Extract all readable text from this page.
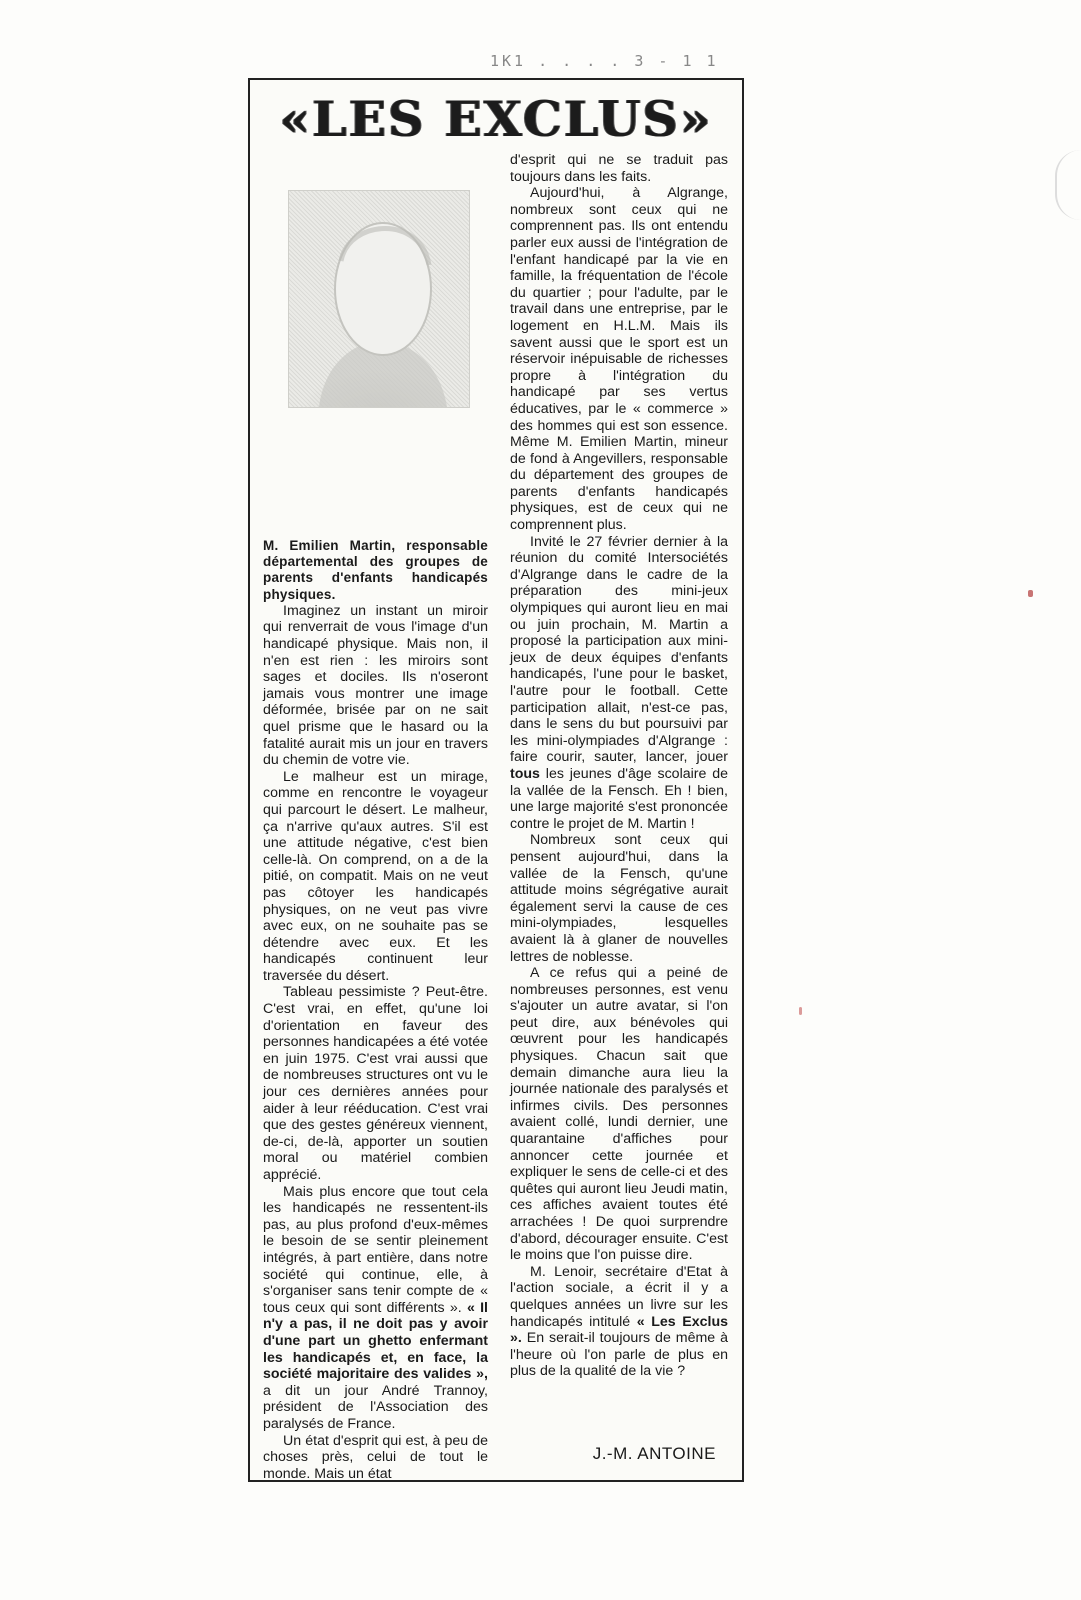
1K1 . . . . 3 - 1 1
«LES EXCLUS»

M. Emilien Martin, responsable départemental des groupes de parents d'enfants handicapés physiques.

Imaginez un instant un miroir qui renverrait de vous l'image d'un handicapé physique. Mais non, il n'en est rien : les miroirs sont sages et dociles. Ils n'oseront jamais vous montrer une image déformée, brisée par on ne sait quel prisme que le hasard ou la fatalité aurait mis un jour en travers du chemin de votre vie.

Le malheur est un mirage, comme en rencontre le voyageur qui parcourt le désert. Le malheur, ça n'arrive qu'aux autres. S'il est une attitude négative, c'est bien celle-là. On comprend, on a de la pitié, on compatit. Mais on ne veut pas côtoyer les handicapés physiques, on ne veut pas vivre avec eux, on ne souhaite pas se détendre avec eux. Et les handicapés continuent leur traversée du désert.

Tableau pessimiste ? Peut-être. C'est vrai, en effet, qu'une loi d'orientation en faveur des personnes handicapées a été votée en juin 1975. C'est vrai aussi que de nombreuses structures ont vu le jour ces dernières années pour aider à leur rééducation. C'est vrai que des gestes généreux viennent, de-ci, de-là, apporter un soutien moral ou matériel combien apprécié.

Mais plus encore que tout cela les handicapés ne ressentent-ils pas, au plus profond d'eux-mêmes le besoin de se sentir pleinement intégrés, à part entière, dans notre société qui continue, elle, à s'organiser sans tenir compte de « tous ceux qui sont différents ». « Il n'y a pas, il ne doit pas y avoir d'une part un ghetto enfermant les handicapés et, en face, la société majoritaire des valides », a dit un jour André Trannoy, président de l'Association des paralysés de France.

Un état d'esprit qui est, à peu de choses près, celui de tout le monde. Mais un état

d'esprit qui ne se traduit pas toujours dans les faits.

Aujourd'hui, à Algrange, nombreux sont ceux qui ne comprennent pas. Ils ont entendu parler eux aussi de l'intégration de l'enfant handicapé par la vie en famille, la fréquentation de l'école du quartier ; pour l'adulte, par le travail dans une entreprise, par le logement en H.L.M. Mais ils savent aussi que le sport est un réservoir inépuisable de richesses propre à l'intégration du handicapé par ses vertus éducatives, par le « commerce » des hommes qui est son essence. Même M. Emilien Martin, mineur de fond à Angevillers, responsable du département des groupes de parents d'enfants handicapés physiques, est de ceux qui ne comprennent plus.

Invité le 27 février dernier à la réunion du comité Intersociétés d'Algrange dans le cadre de la préparation des mini-jeux olympiques qui auront lieu en mai ou juin prochain, M. Martin a proposé la participation aux mini-jeux de deux équipes d'enfants handicapés, l'une pour le basket, l'autre pour le football. Cette participation allait, n'est-ce pas, dans le sens du but poursuivi par les mini-olympiades d'Algrange : faire courir, sauter, lancer, jouer tous les jeunes d'âge scolaire de la vallée de la Fensch. Eh ! bien, une large majorité s'est prononcée contre le projet de M. Martin !

Nombreux sont ceux qui pensent aujourd'hui, dans la vallée de la Fensch, qu'une attitude moins ségrégative aurait également servi la cause de ces mini-olympiades, lesquelles avaient là à glaner de nouvelles lettres de noblesse.

A ce refus qui a peiné de nombreuses personnes, est venu s'ajouter un autre avatar, si l'on peut dire, aux bénévoles qui œuvrent pour les handicapés physiques. Chacun sait que demain dimanche aura lieu la journée nationale des paralysés et infirmes civils. Des personnes avaient collé, lundi dernier, une quarantaine d'affiches pour annoncer cette journée et expliquer le sens de celle-ci et des quêtes qui auront lieu Jeudi matin, ces affiches avaient toutes été arrachées ! De quoi surprendre d'abord, décourager ensuite. C'est le moins que l'on puisse dire.

M. Lenoir, secrétaire d'Etat à l'action sociale, a écrit il y a quelques années un livre sur les handicapés intitulé « Les Exclus ». En serait-il toujours de même à l'heure où l'on parle de plus en plus de la qualité de la vie ?

J.-M. ANTOINE
